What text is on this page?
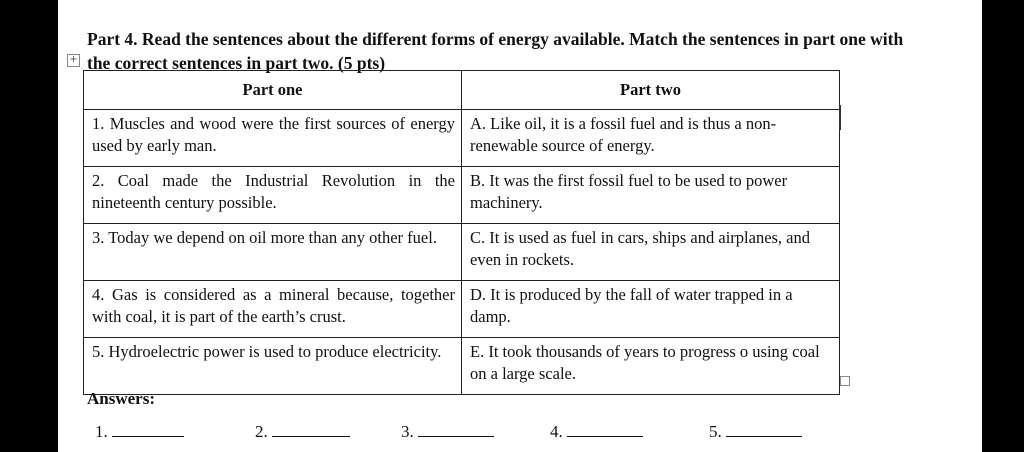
Part 4. Read the sentences about the different forms of energy available. Match the sentences in part one with
the correct sentences in part two. (5 pts)
+
Part one	Part two
1. Muscles and wood were the first sources of energy used by early man.	A. Like oil, it is a fossil fuel and is thus a non-renewable source of energy.
2. Coal made the Industrial Revolution in the nineteenth century possible.	B. It was the first fossil fuel to be used to power machinery.
3. Today we depend on oil more than any other fuel.	C. It is used as fuel in cars, ships and airplanes, and even in rockets.
4. Gas is considered as a mineral because, together with coal, it is part of the earth’s crust.	D. It is produced by the fall of water trapped in a damp.
5. Hydroelectric power is used to produce electricity.	E. It took thousands of years to progress o using coal on a large scale.
Answers:
1.	2.	3.	4.	5.
